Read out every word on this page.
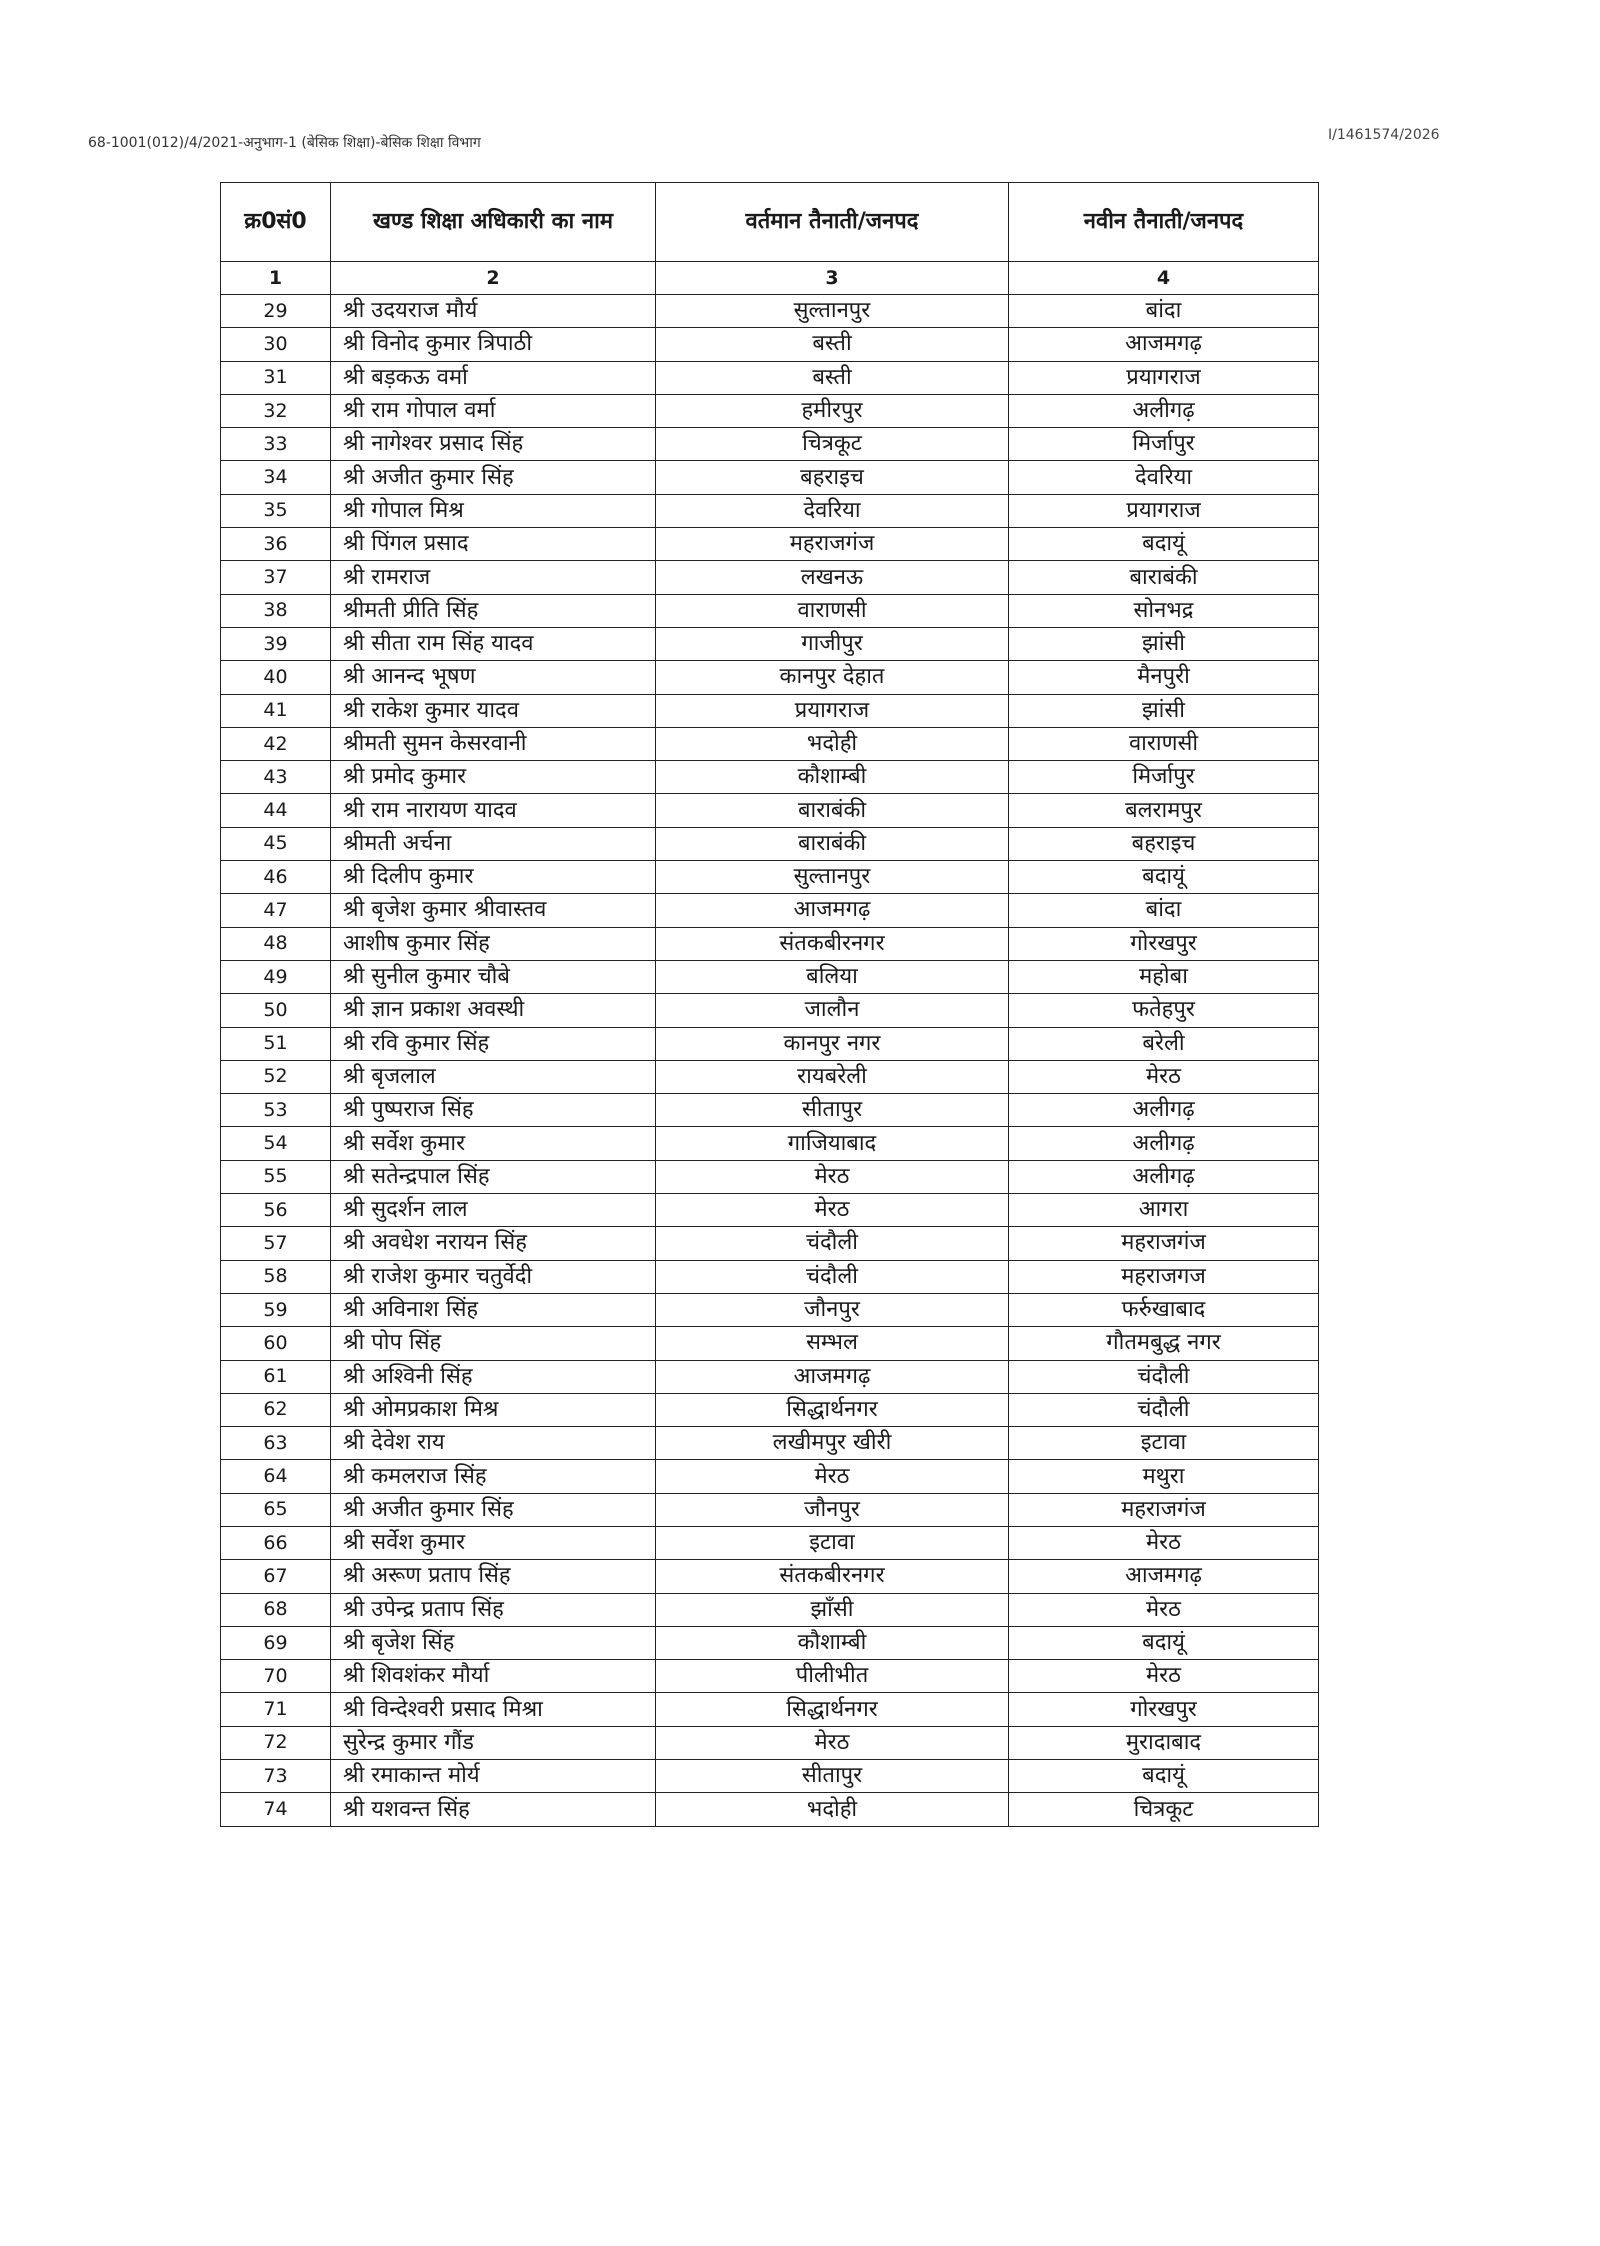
68-1001(012)/4/2021-अनुभाग-1 (बेसिक शिक्षा)-बेसिक शिक्षा विभाग	I/1461574/2026
क्र0सं0	खण्ड शिक्षा अधिकारी का नाम	वर्तमान तैनाती/जनपद	नवीन तैनाती/जनपद
1	2	3	4
29	श्री उदयराज मौर्य	सुल्तानपुर	बांदा
30	श्री विनोद कुमार त्रिपाठी	बस्ती	आजमगढ़
31	श्री बड़कऊ वर्मा	बस्ती	प्रयागराज
32	श्री राम गोपाल वर्मा	हमीरपुर	अलीगढ़
33	श्री नागेश्वर प्रसाद सिंह	चित्रकूट	मिर्जापुर
34	श्री अजीत कुमार सिंह	बहराइच	देवरिया
35	श्री गोपाल मिश्र	देवरिया	प्रयागराज
36	श्री पिंगल प्रसाद	महराजगंज	बदायूं
37	श्री रामराज	लखनऊ	बाराबंकी
38	श्रीमती प्रीति सिंह	वाराणसी	सोनभद्र
39	श्री सीता राम सिंह यादव	गाजीपुर	झांसी
40	श्री आनन्द भूषण	कानपुर देहात	मैनपुरी
41	श्री राकेश कुमार यादव	प्रयागराज	झांसी
42	श्रीमती सुमन केसरवानी	भदोही	वाराणसी
43	श्री प्रमोद कुमार	कौशाम्बी	मिर्जापुर
44	श्री राम नारायण यादव	बाराबंकी	बलरामपुर
45	श्रीमती अर्चना	बाराबंकी	बहराइच
46	श्री दिलीप कुमार	सुल्तानपुर	बदायूं
47	श्री बृजेश कुमार श्रीवास्तव	आजमगढ़	बांदा
48	आशीष कुमार सिंह	संतकबीरनगर	गोरखपुर
49	श्री सुनील कुमार चौबे	बलिया	महोबा
50	श्री ज्ञान प्रकाश अवस्थी	जालौन	फतेहपुर
51	श्री रवि कुमार सिंह	कानपुर नगर	बरेली
52	श्री बृजलाल	रायबरेली	मेरठ
53	श्री पुष्पराज सिंह	सीतापुर	अलीगढ़
54	श्री सर्वेश कुमार	गाजियाबाद	अलीगढ़
55	श्री सतेन्द्रपाल सिंह	मेरठ	अलीगढ़
56	श्री सुदर्शन लाल	मेरठ	आगरा
57	श्री अवधेश नरायन सिंह	चंदौली	महराजगंज
58	श्री राजेश कुमार चतुर्वेदी	चंदौली	महराजगज
59	श्री अविनाश सिंह	जौनपुर	फर्रुखाबाद
60	श्री पोप सिंह	सम्भल	गौतमबुद्ध नगर
61	श्री अश्विनी सिंह	आजमगढ़	चंदौली
62	श्री ओमप्रकाश मिश्र	सिद्धार्थनगर	चंदौली
63	श्री देवेश राय	लखीमपुर खीरी	इटावा
64	श्री कमलराज सिंह	मेरठ	मथुरा
65	श्री अजीत कुमार सिंह	जौनपुर	महराजगंज
66	श्री सर्वेश कुमार	इटावा	मेरठ
67	श्री अरूण प्रताप सिंह	संतकबीरनगर	आजमगढ़
68	श्री उपेन्द्र प्रताप सिंह	झाँसी	मेरठ
69	श्री बृजेश सिंह	कौशाम्बी	बदायूं
70	श्री शिवशंकर मौर्या	पीलीभीत	मेरठ
71	श्री विन्देश्वरी प्रसाद मिश्रा	सिद्धार्थनगर	गोरखपुर
72	सुरेन्द्र कुमार गौंड	मेरठ	मुरादाबाद
73	श्री रमाकान्त मोर्य	सीतापुर	बदायूं
74	श्री यशवन्त सिंह	भदोही	चित्रकूट
